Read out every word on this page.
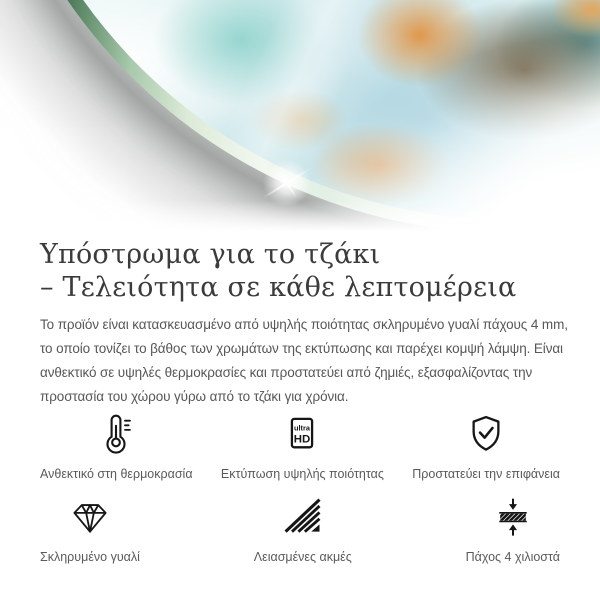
Υπόστρωμα για το τζάκι
– Τελειότητα σε κάθε λεπτομέρεια
Το προϊόν είναι κατασκευασμένο από υψηλής ποιότητας σκληρυμένο γυαλί πάχους 4 mm,
το οποίο τονίζει το βάθος των χρωμάτων της εκτύπωσης και παρέχει κομψή λάμψη. Είναι
ανθεκτικό σε υψηλές θερμοκρασίες και προστατεύει από ζημιές, εξασφαλίζοντας την
προστασία του χώρου γύρω από το τζάκι για χρόνια.
Ανθεκτικό στη θερμοκρασία
ultra
HD
Εκτύπωση υψηλής ποιότητας Προστατεύει την επιφάνεια
Σκληρυμένο γυαλί	Λειασμένες ακμές	Πάχος 4 χιλιοστά
